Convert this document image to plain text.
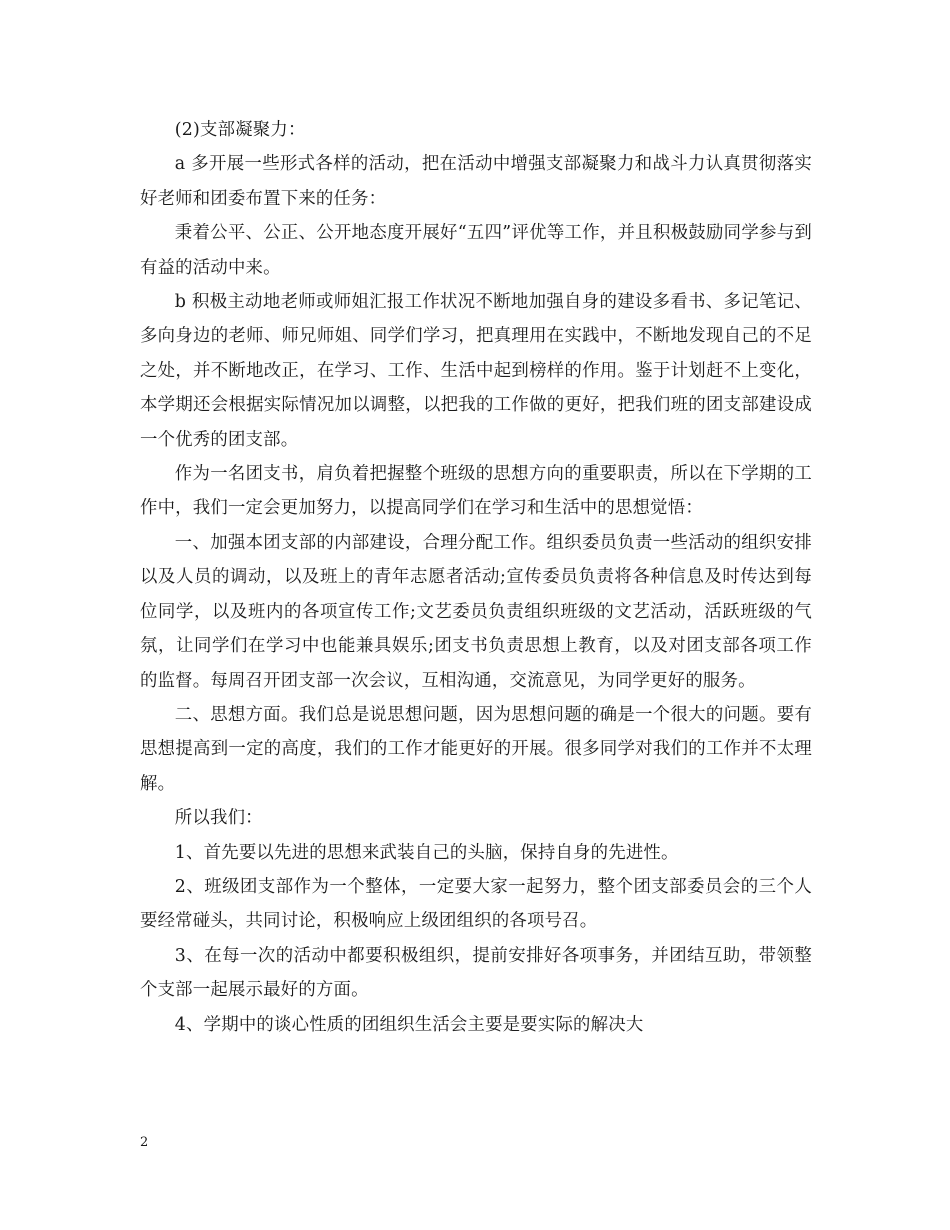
(2)支部凝聚力：

a 多开展一些形式各样的活动，把在活动中增强支部凝聚力和战斗力认真贯彻落实好老师和团委布置下来的任务：

秉着公平、公正、公开地态度开展好“五四”评优等工作，并且积极鼓励同学参与到有益的活动中来。

b 积极主动地老师或师姐汇报工作状况不断地加强自身的建设多看书、多记笔记、多向身边的老师、师兄师姐、同学们学习，把真理用在实践中，不断地发现自己的不足之处，并不断地改正，在学习、工作、生活中起到榜样的作用。鉴于计划赶不上变化，本学期还会根据实际情况加以调整，以把我的工作做的更好，把我们班的团支部建设成一个优秀的团支部。

作为一名团支书，肩负着把握整个班级的思想方向的重要职责，所以在下学期的工作中，我们一定会更加努力，以提高同学们在学习和生活中的思想觉悟：

一、加强本团支部的内部建设，合理分配工作。组织委员负责一些活动的组织安排以及人员的调动，以及班上的青年志愿者活动;宣传委员负责将各种信息及时传达到每位同学，以及班内的各项宣传工作;文艺委员负责组织班级的文艺活动，活跃班级的气氛，让同学们在学习中也能兼具娱乐;团支书负责思想上教育，以及对团支部各项工作的监督。每周召开团支部一次会议，互相沟通，交流意见，为同学更好的服务。

二、思想方面。我们总是说思想问题，因为思想问题的确是一个很大的问题。要有思想提高到一定的高度，我们的工作才能更好的开展。很多同学对我们的工作并不太理解。

所以我们：

1、首先要以先进的思想来武装自己的头脑，保持自身的先进性。

2、班级团支部作为一个整体，一定要大家一起努力，整个团支部委员会的三个人要经常碰头，共同讨论，积极响应上级团组织的各项号召。

3、在每一次的活动中都要积极组织，提前安排好各项事务，并团结互助，带领整个支部一起展示最好的方面。

4、学期中的谈心性质的团组织生活会主要是要实际的解决大

2
